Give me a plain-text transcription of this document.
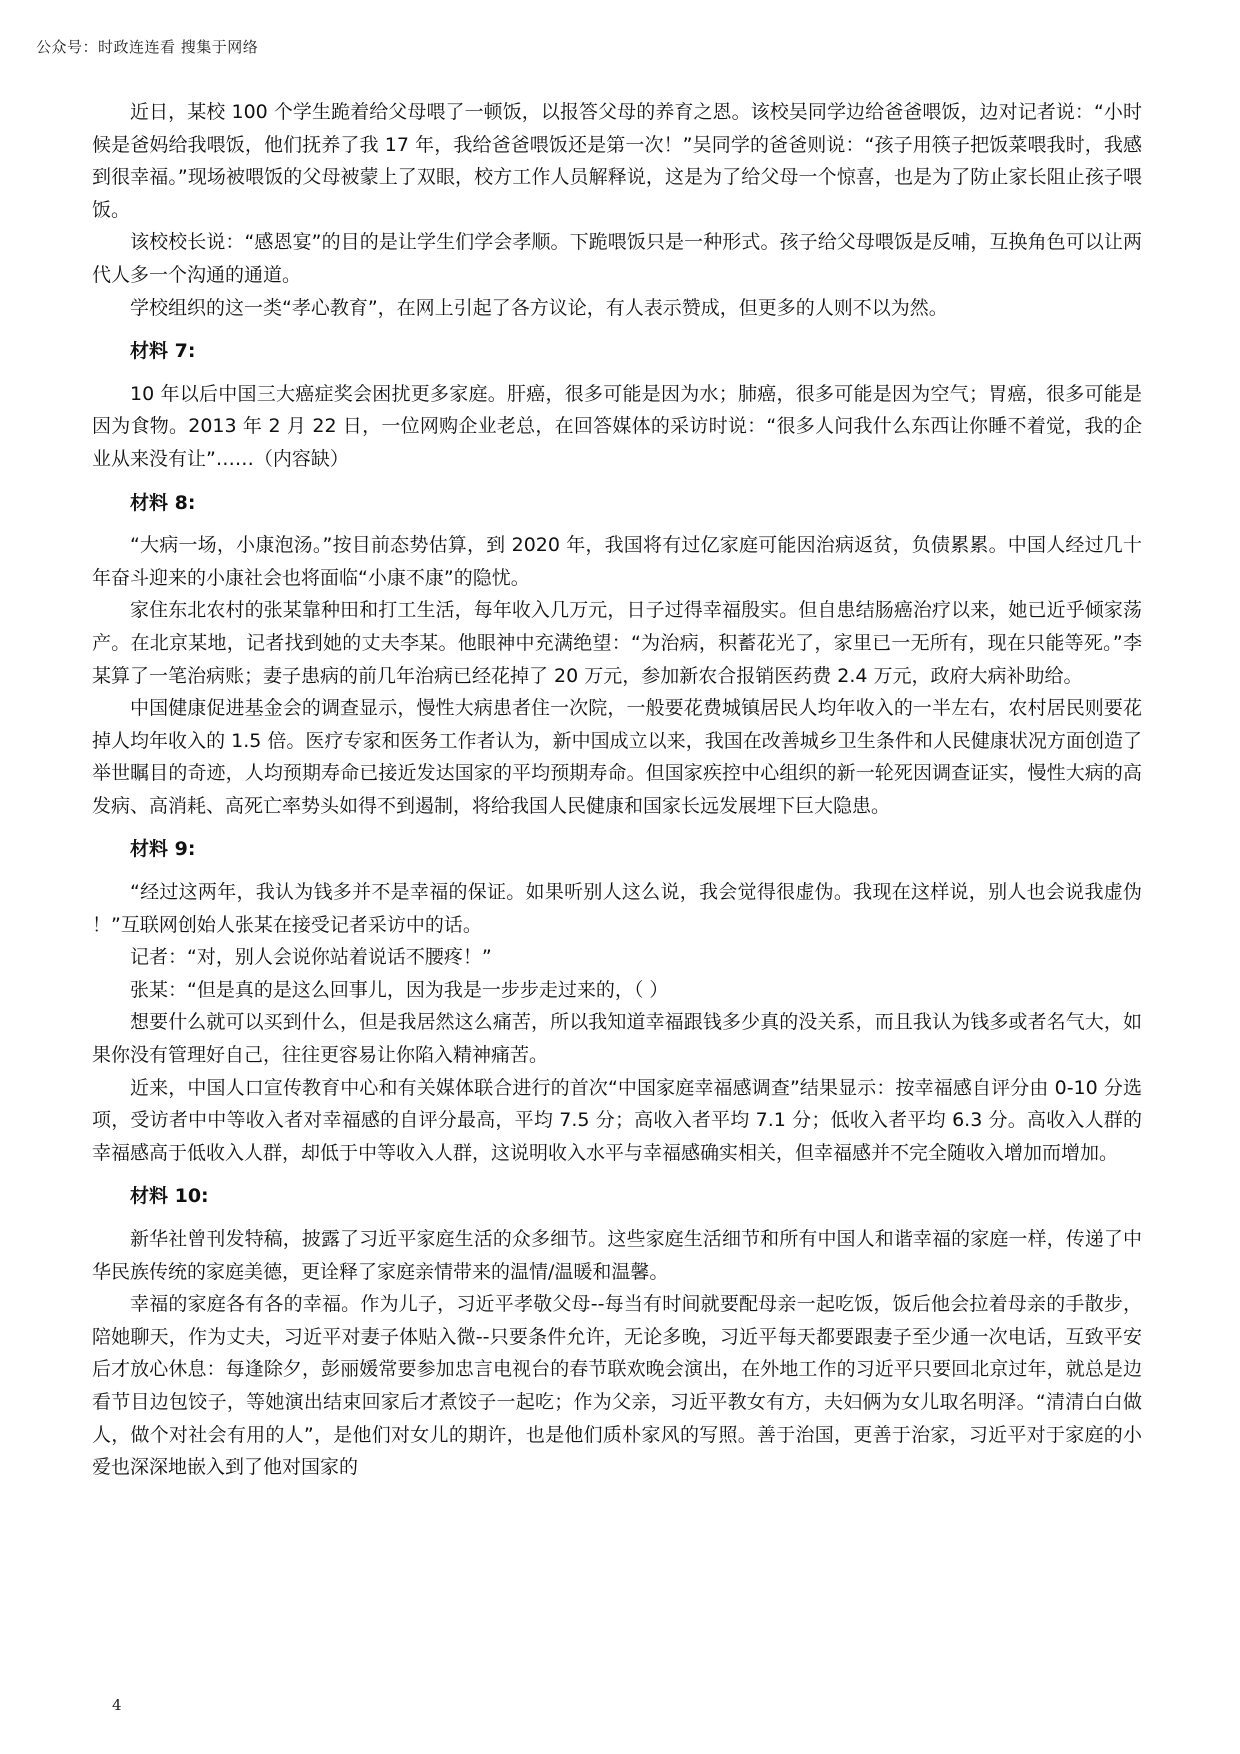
公众号：时政连连看 搜集于网络

近日，某校 100 个学生跪着给父母喂了一顿饭，以报答父母的养育之恩。该校吴同学边给爸爸喂饭，边对记者说：“小时候是爸妈给我喂饭，他们抚养了我 17 年，我给爸爸喂饭还是第一次！”吴同学的爸爸则说：“孩子用筷子把饭菜喂我时，我感到很幸福。”现场被喂饭的父母被蒙上了双眼，校方工作人员解释说，这是为了给父母一个惊喜，也是为了防止家长阻止孩子喂饭。

该校校长说：“感恩宴”的目的是让学生们学会孝顺。下跪喂饭只是一种形式。孩子给父母喂饭是反哺，互换角色可以让两代人多一个沟通的通道。

学校组织的这一类“孝心教育”，在网上引起了各方议论，有人表示赞成，但更多的人则不以为然。

材料 7:

10 年以后中国三大癌症奖会困扰更多家庭。肝癌，很多可能是因为水；肺癌，很多可能是因为空气；胃癌，很多可能是因为食物。2013 年 2 月 22 日，一位网购企业老总，在回答媒体的采访时说：“很多人问我什么东西让你睡不着觉，我的企业从来没有让”……（内容缺）

材料 8:

“大病一场，小康泡汤。”按目前态势估算，到 2020 年，我国将有过亿家庭可能因治病返贫，负债累累。中国人经过几十年奋斗迎来的小康社会也将面临“小康不康”的隐忧。

家住东北农村的张某靠种田和打工生活，每年收入几万元，日子过得幸福殷实。但自患结肠癌治疗以来，她已近乎倾家荡产。在北京某地，记者找到她的丈夫李某。他眼神中充满绝望：“为治病，积蓄花光了，家里已一无所有，现在只能等死。”李某算了一笔治病账；妻子患病的前几年治病已经花掉了 20 万元，参加新农合报销医药费 2.4 万元，政府大病补助给。

中国健康促进基金会的调查显示，慢性大病患者住一次院，一般要花费城镇居民人均年收入的一半左右，农村居民则要花掉人均年收入的 1.5 倍。医疗专家和医务工作者认为，新中国成立以来，我国在改善城乡卫生条件和人民健康状况方面创造了举世瞩目的奇迹，人均预期寿命已接近发达国家的平均预期寿命。但国家疾控中心组织的新一轮死因调查证实，慢性大病的高发病、高消耗、高死亡率势头如得不到遏制，将给我国人民健康和国家长远发展埋下巨大隐患。

材料 9:

“经过这两年，我认为钱多并不是幸福的保证。如果听别人这么说，我会觉得很虚伪。我现在这样说，别人也会说我虚伪 ！”互联网创始人张某在接受记者采访中的话。

记者：“对，别人会说你站着说话不腰疼！”

张某：“但是真的是这么回事儿，因为我是一步步走过来的，（ ）

想要什么就可以买到什么，但是我居然这么痛苦，所以我知道幸福跟钱多少真的没关系，而且我认为钱多或者名气大，如果你没有管理好自己，往往更容易让你陷入精神痛苦。

近来，中国人口宣传教育中心和有关媒体联合进行的首次“中国家庭幸福感调查”结果显示：按幸福感自评分由 0-10 分选项，受访者中中等收入者对幸福感的自评分最高，平均 7.5 分；高收入者平均 7.1 分；低收入者平均 6.3 分。高收入人群的幸福感高于低收入人群，却低于中等收入人群，这说明收入水平与幸福感确实相关，但幸福感并不完全随收入增加而增加。

材料 10:

新华社曾刊发特稿，披露了习近平家庭生活的众多细节。这些家庭生活细节和所有中国人和谐幸福的家庭一样，传递了中华民族传统的家庭美德，更诠释了家庭亲情带来的温情/温暖和温馨。

幸福的家庭各有各的幸福。作为儿子，习近平孝敬父母--每当有时间就要配母亲一起吃饭，饭后他会拉着母亲的手散步，陪她聊天，作为丈夫，习近平对妻子体贴入微--只要条件允许，无论多晚，习近平每天都要跟妻子至少通一次电话，互致平安后才放心休息：每逢除夕，彭丽媛常要参加忠言电视台的春节联欢晚会演出，在外地工作的习近平只要回北京过年，就总是边看节目边包饺子，等她演出结束回家后才煮饺子一起吃；作为父亲，习近平教女有方，夫妇俩为女儿取名明泽。“清清白白做人，做个对社会有用的人”，是他们对女儿的期许，也是他们质朴家风的写照。善于治国，更善于治家，习近平对于家庭的小爱也深深地嵌入到了他对国家的

4
